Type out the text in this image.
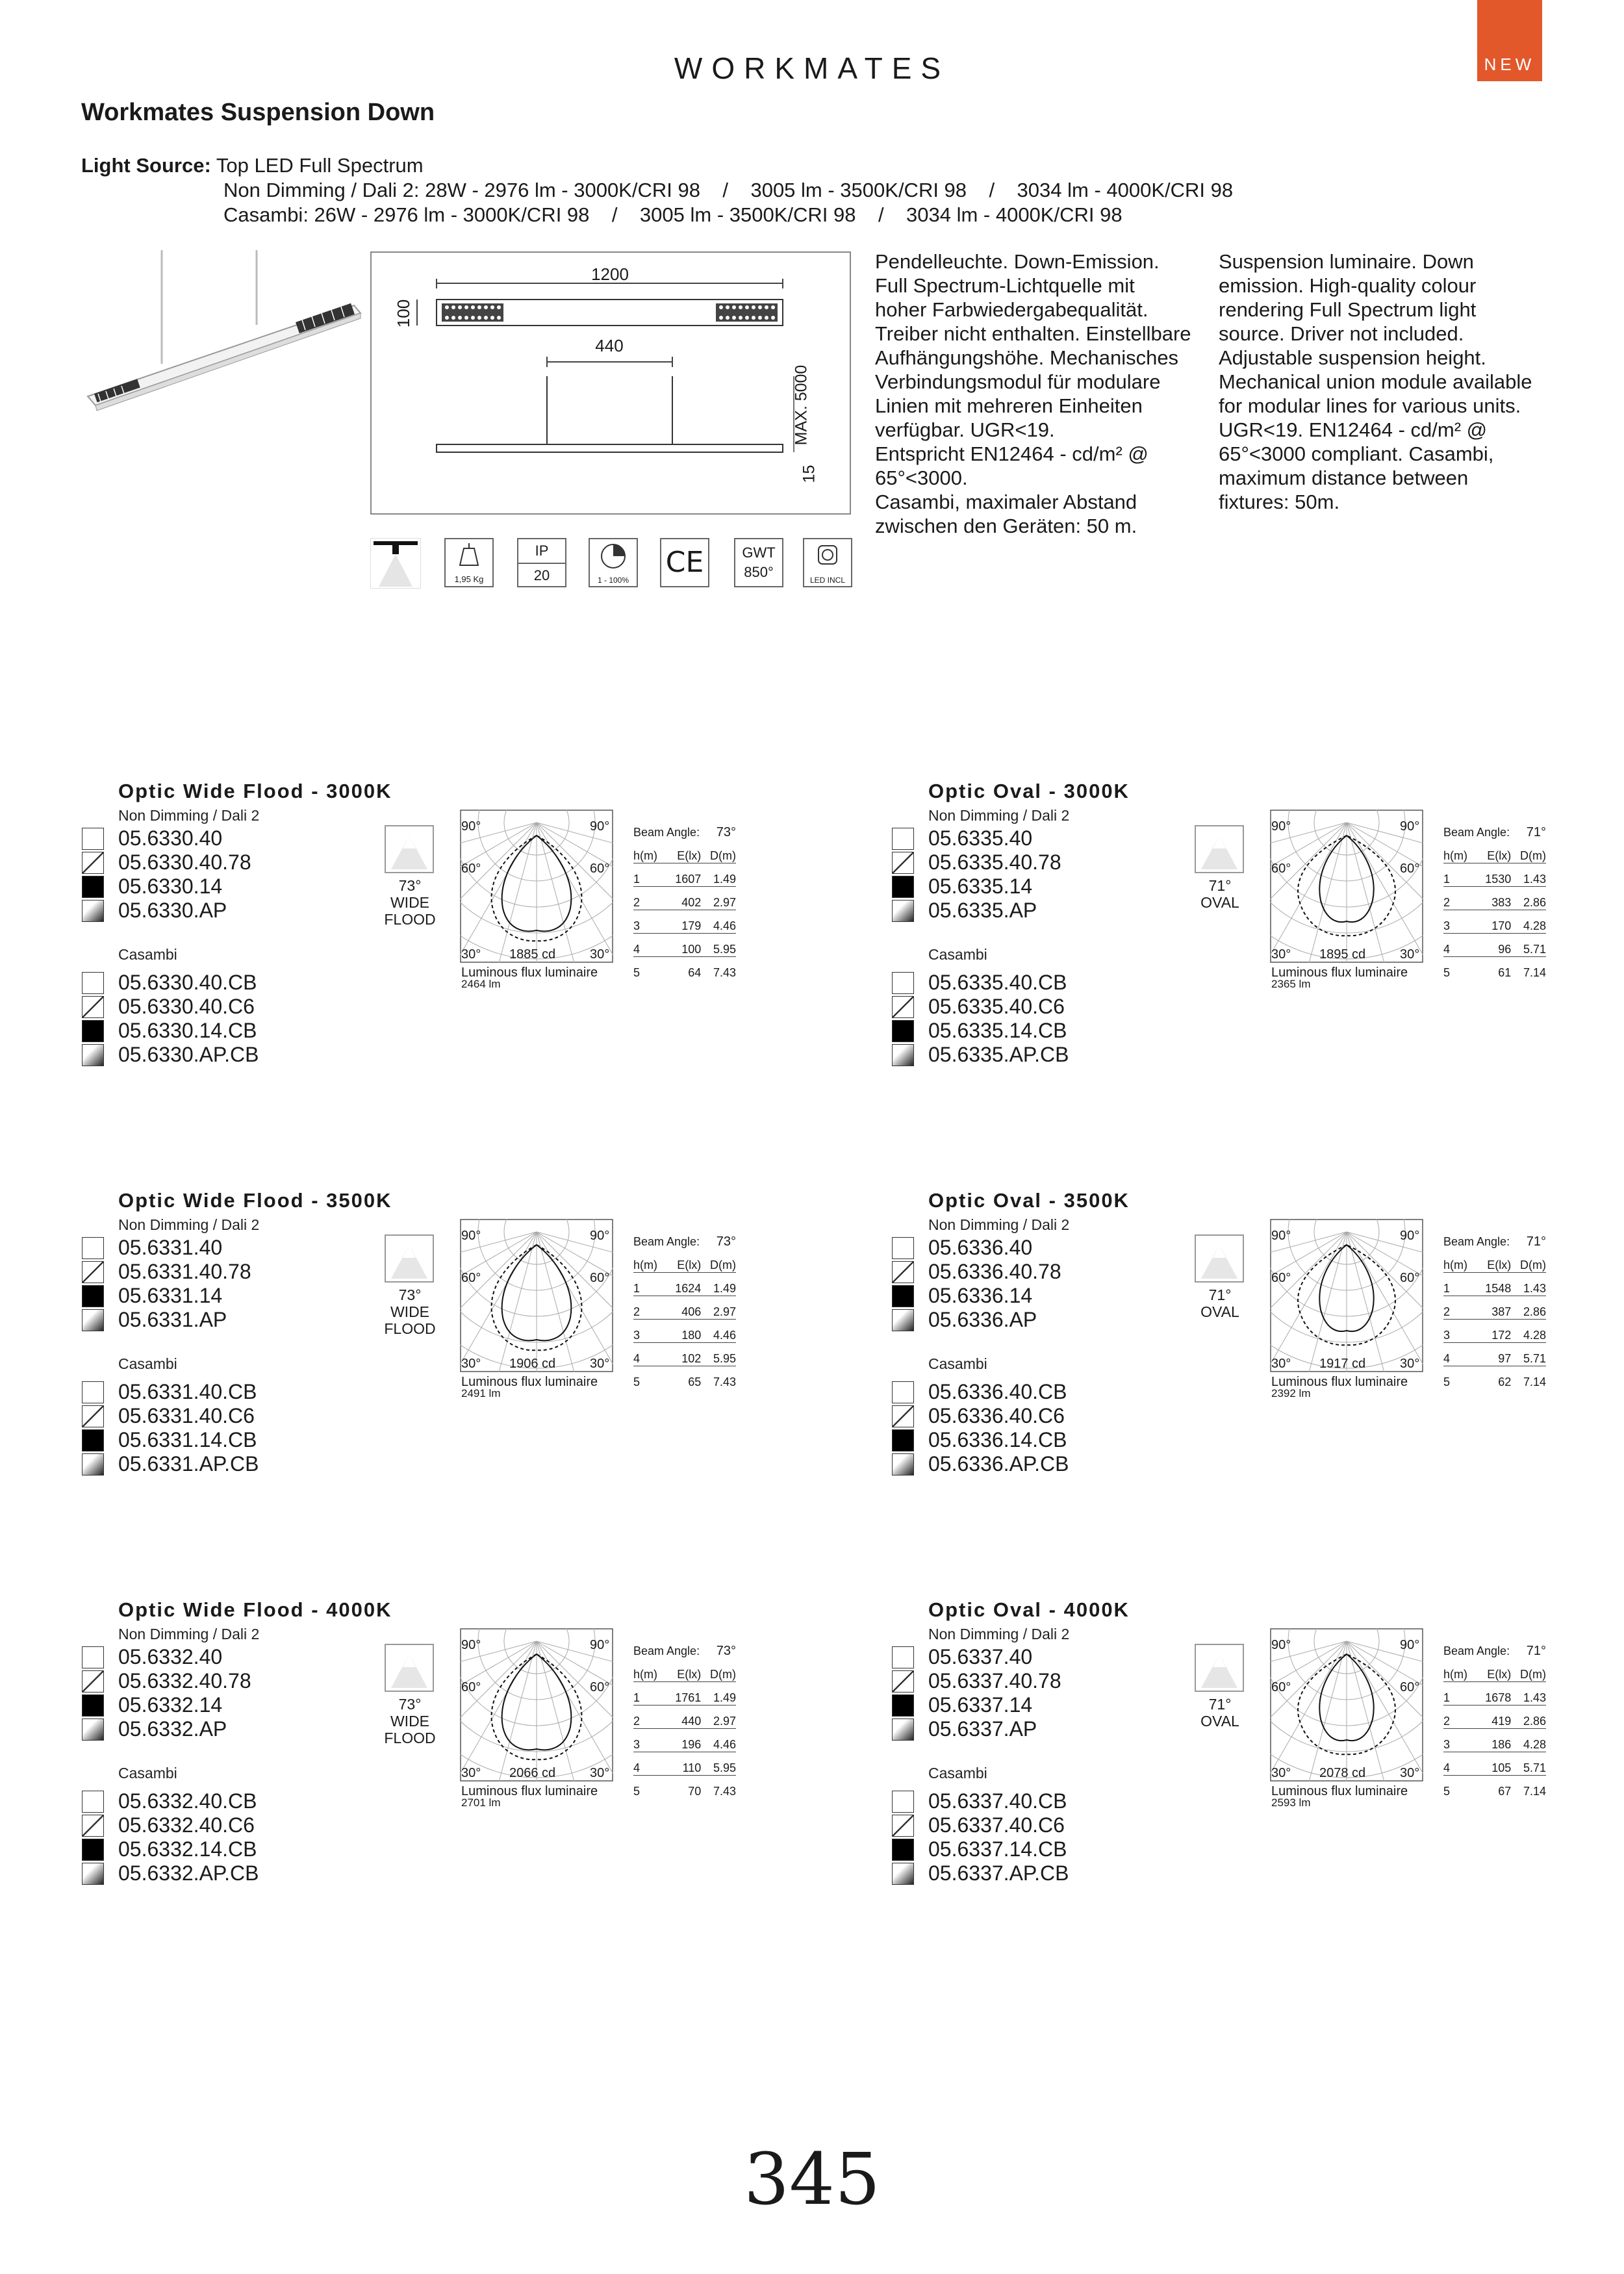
NEW
WORKMATES
Workmates Suspension Down
Light Source: Top LED Full Spectrum
Non Dimming / Dali 2: 28W - 2976 lm - 3000K/CRI 98    /    3005 lm - 3500K/CRI 98    /    3034 lm - 4000K/CRI 98
Casambi: 26W - 2976 lm - 3000K/CRI 98    /    3005 lm - 3500K/CRI 98    /    3034 lm - 4000K/CRI 98
1200
100
440
MAX. 5000
15
1,95 Kg
IP
20	1 - 100%
CE	GWT
850°	LED INCL
Pendelleuchte. Down-Emission.
Full Spectrum-Lichtquelle mit
hoher Farbwiedergabequalität.
Treiber nicht enthalten. Einstellbare
Aufhängungshöhe. Mechanisches
Verbindungsmodul für modulare
Linien mit mehreren Einheiten
verfügbar. UGR<19.
Entspricht EN12464 - cd/m² @
65°<3000.
Casambi, maximaler Abstand
zwischen den Geräten: 50 m.
Suspension luminaire. Down
emission. High-quality colour
rendering Full Spectrum light
source. Driver not included.
Adjustable suspension height.
Mechanical union module available
for modular lines for various units.
UGR<19. EN12464 - cd/m² @
65°<3000 compliant. Casambi,
maximum distance between
fixtures: 50m.
Optic Wide Flood - 3000K
Non Dimming / Dali 2
05.6330.40
05.6330.40.78
05.6330.14
05.6330.AP
Casambi
05.6330.40.CB
05.6330.40.C6
05.6330.14.CB
05.6330.AP.CB
73°
WIDE
FLOOD
90°	90°
60°	60°
30°	30°
1885 cd
Luminous flux luminaire
2464 lm
Beam Angle: 73°
h(m)	E(lx)	D(m)
1	1607	1.49
2	402	2.97
3	179	4.46
4	100	5.95
5	64	7.43
Optic Oval - 3000K
Non Dimming / Dali 2
05.6335.40
05.6335.40.78
05.6335.14
05.6335.AP
Casambi
05.6335.40.CB
05.6335.40.C6
05.6335.14.CB
05.6335.AP.CB
71°
OVAL
90°	90°
60°	60°
30°	30°
1895 cd
Luminous flux luminaire
2365 lm
Beam Angle: 71°
h(m)	E(lx)	D(m)
1	1530	1.43
2	383	2.86
3	170	4.28
4	96	5.71
5	61	7.14
Optic Wide Flood - 3500K
Non Dimming / Dali 2
05.6331.40
05.6331.40.78
05.6331.14
05.6331.AP
Casambi
05.6331.40.CB
05.6331.40.C6
05.6331.14.CB
05.6331.AP.CB
73°
WIDE
FLOOD
90°	90°
60°	60°
30°	30°
1906 cd
Luminous flux luminaire
2491 lm
Beam Angle: 73°
h(m)	E(lx)	D(m)
1	1624	1.49
2	406	2.97
3	180	4.46
4	102	5.95
5	65	7.43
Optic Oval - 3500K
Non Dimming / Dali 2
05.6336.40
05.6336.40.78
05.6336.14
05.6336.AP
Casambi
05.6336.40.CB
05.6336.40.C6
05.6336.14.CB
05.6336.AP.CB
71°
OVAL
90°	90°
60°	60°
30°	30°
1917 cd
Luminous flux luminaire
2392 lm
Beam Angle: 71°
h(m)	E(lx)	D(m)
1	1548	1.43
2	387	2.86
3	172	4.28
4	97	5.71
5	62	7.14
Optic Wide Flood - 4000K
Non Dimming / Dali 2
05.6332.40
05.6332.40.78
05.6332.14
05.6332.AP
Casambi
05.6332.40.CB
05.6332.40.C6
05.6332.14.CB
05.6332.AP.CB
73°
WIDE
FLOOD
90°	90°
60°	60°
30°	30°
2066 cd
Luminous flux luminaire
2701 lm
Beam Angle: 73°
h(m)	E(lx)	D(m)
1	1761	1.49
2	440	2.97
3	196	4.46
4	110	5.95
5	70	7.43
Optic Oval - 4000K
Non Dimming / Dali 2
05.6337.40
05.6337.40.78
05.6337.14
05.6337.AP
Casambi
05.6337.40.CB
05.6337.40.C6
05.6337.14.CB
05.6337.AP.CB
71°
OVAL
90°	90°
60°	60°
30°	30°
2078 cd
Luminous flux luminaire
2593 lm
Beam Angle: 71°
h(m)	E(lx)	D(m)
1	1678	1.43
2	419	2.86
3	186	4.28
4	105	5.71
5	67	7.14
345
